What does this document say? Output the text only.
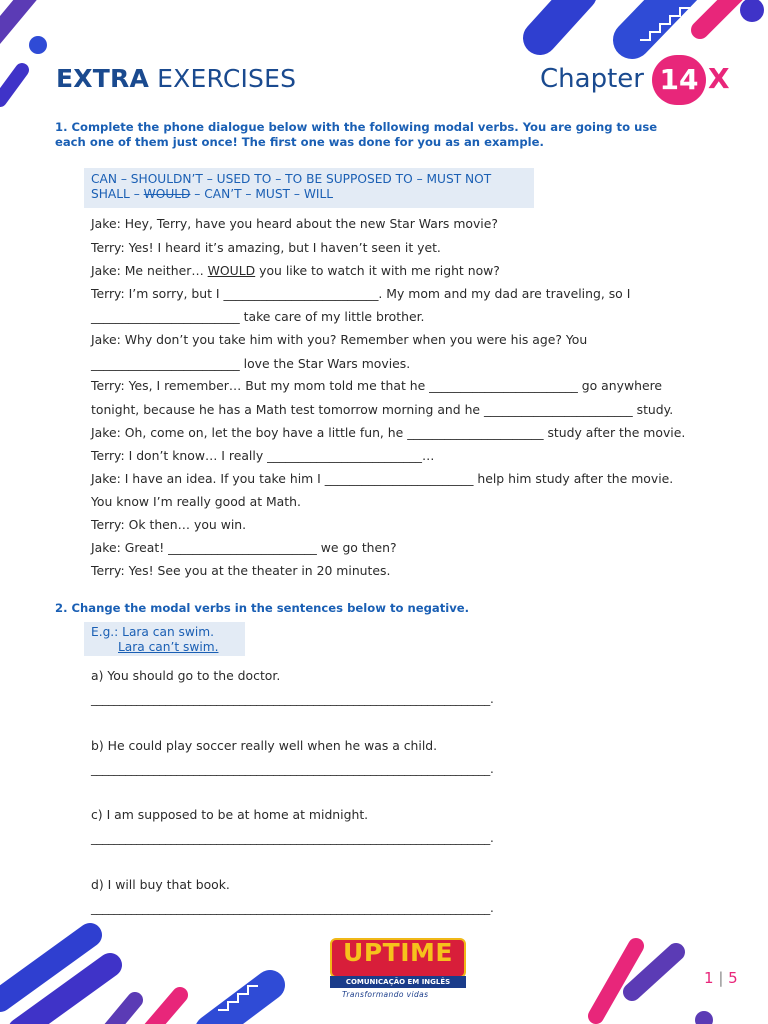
EXTRA EXERCISES	Chapter 14 X
1. Complete the phone dialogue below with the following modal verbs. You are going to use
each one of them just once! The first one was done for you as an example.
CAN – SHOULDN’T – USED TO – TO BE SUPPOSED TO – MUST NOT
SHALL – WOULD – CAN’T – MUST – WILL
Jake: Hey, Terry, have you heard about the new Star Wars movie?
Terry: Yes! I heard it’s amazing, but I haven’t seen it yet.
Jake: Me neither… WOULD you like to watch it with me right now?
Terry: I’m sorry, but I _________________________. My mom and my dad are traveling, so I
________________________ take care of my little brother.
Jake: Why don’t you take him with you? Remember when you were his age? You
________________________ love the Star Wars movies.
Terry: Yes, I remember… But my mom told me that he ________________________ go anywhere
tonight, because he has a Math test tomorrow morning and he ________________________ study.
Jake: Oh, come on, let the boy have a little fun, he ______________________ study after the movie.
Terry: I don’t know… I really _________________________…
Jake: I have an idea. If you take him I ________________________ help him study after the movie.
You know I’m really good at Math.
Terry: Ok then… you win.
Jake: Great! ________________________ we go then?
Terry: Yes! See you at the theater in 20 minutes.
2. Change the modal verbs in the sentences below to negative.
E.g.: Lara can swim.
Lara can’t swim.
a) You should go to the doctor.
______________________________________________________________________.
b) He could play soccer really well when he was a child.
______________________________________________________________________.
c) I am supposed to be at home at midnight.
______________________________________________________________________.
d) I will buy that book.
______________________________________________________________________.
UPTIME
COMUNICAÇÃO EM INGLÊS
Transformando vidas
1 | 5
